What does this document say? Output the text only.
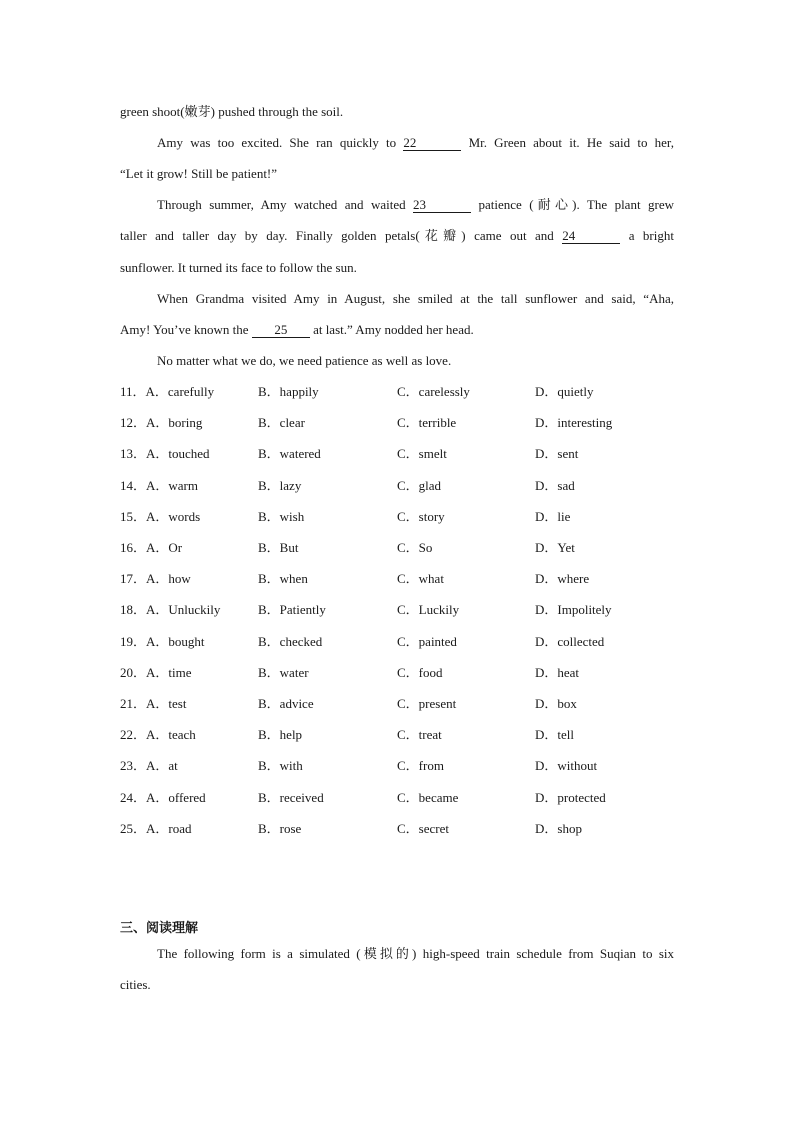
green shoot(嫩芽) pushed through the soil.
Amy was too excited. She ran quickly to 22	Mr. Green about it. He said to her,
“Let it grow! Still be patient!”
Through summer, Amy watched and waited 23	patience (耐心). The plant grew
taller and taller day by day. Finally golden petals(花瓣) came out and 24	a bright
sunflower. It turned its face to follow the sun.
When Grandma visited Amy in August, she smiled at the tall sunflower and said, “Aha,
Amy! You’ve known the 25 at last.” Amy nodded her head.
No matter what we do, we need patience as well as love.
11．A．carefully	B．happily	C．carelessly	D．quietly
12．A．boring	B．clear	C．terrible	D．interesting
13．A．touched	B．watered	C．smelt	D．sent
14．A．warm	B．lazy	C．glad	D．sad
15．A．words	B．wish	C．story	D．lie
16．A．Or	B．But	C．So	D．Yet
17．A．how	B．when	C．what	D．where
18．A．Unluckily	B．Patiently	C．Luckily	D．Impolitely
19．A．bought	B．checked	C．painted	D．collected
20．A．time	B．water	C．food	D．heat
21．A．test	B．advice	C．present	D．box
22．A．teach	B．help	C．treat	D．tell
23．A．at	B．with	C．from	D．without
24．A．offered	B．received	C．became	D．protected
25．A．road	B．rose	C．secret	D．shop
三、阅读理解
The following form is a simulated (模拟的) high-speed train schedule from Suqian to six
cities.
